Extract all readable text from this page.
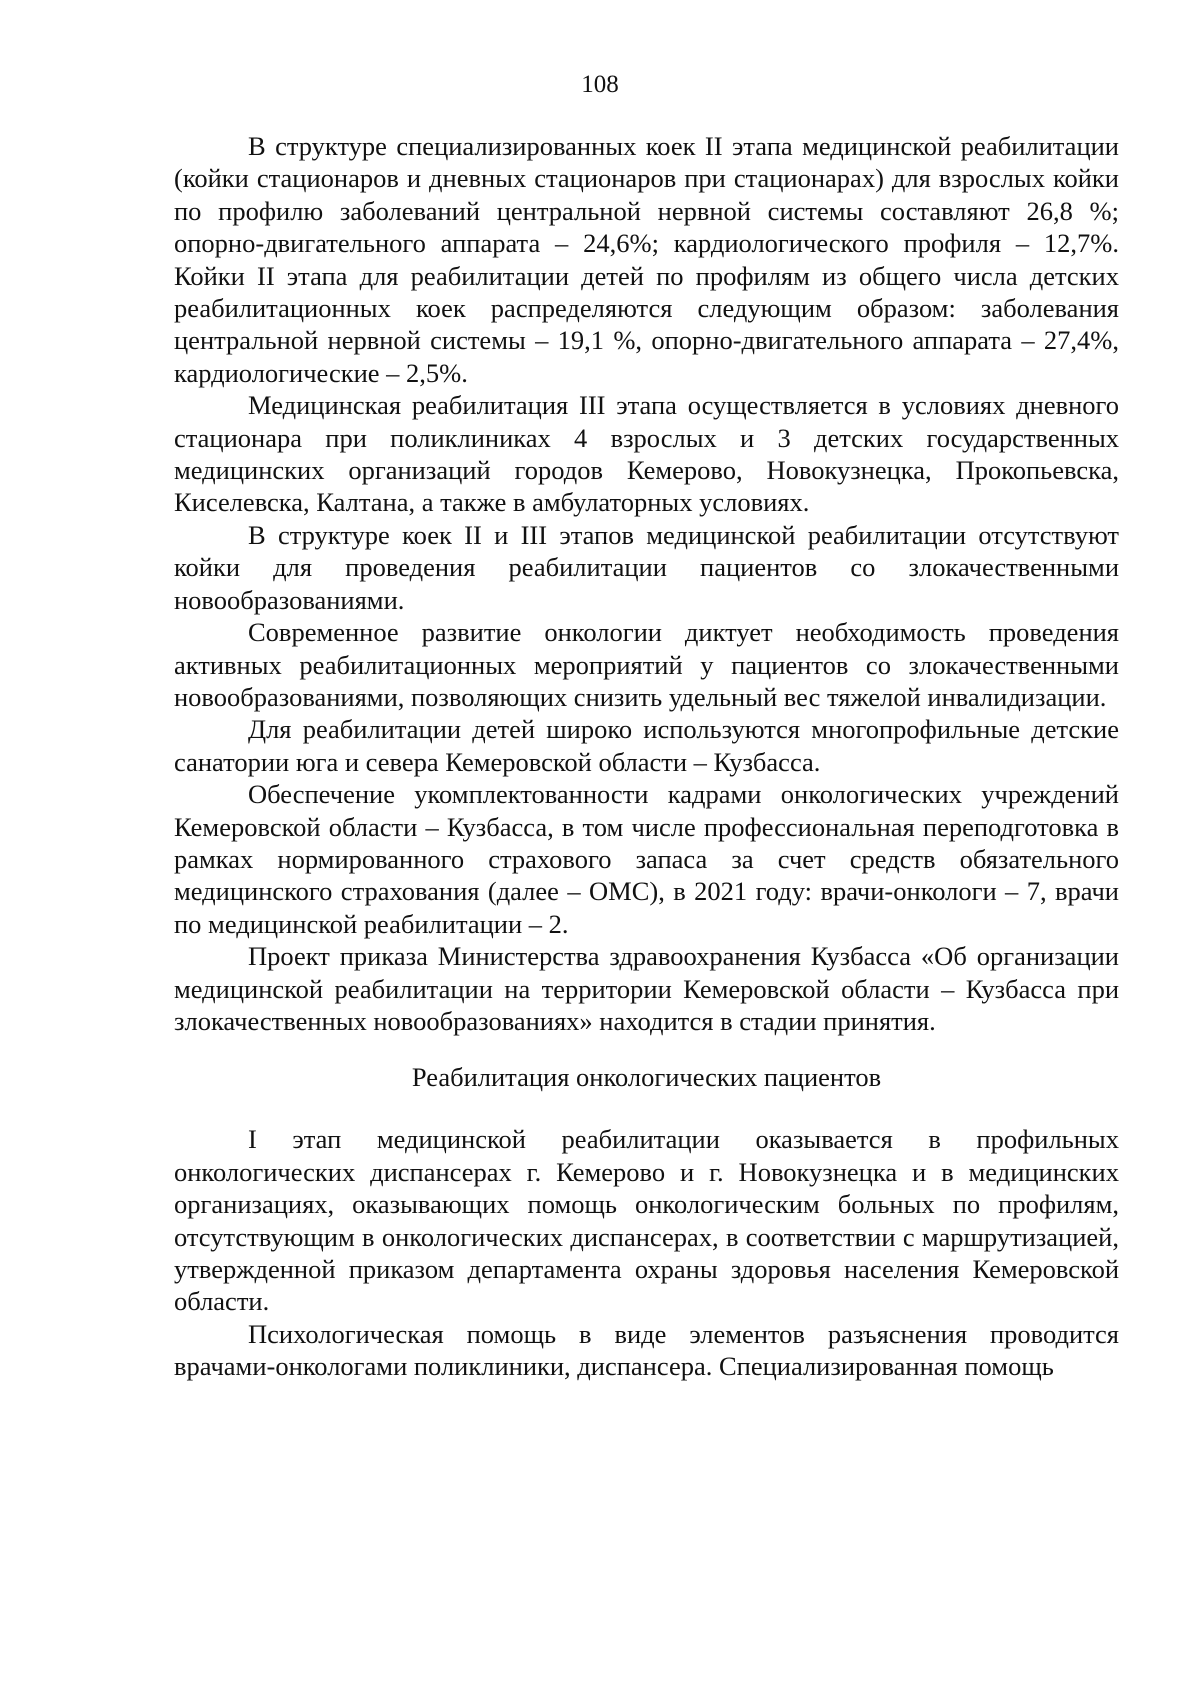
108

В структуре специализированных коек II этапа медицинской реабилитации (койки стационаров и дневных стационаров при стационарах) для взрослых койки по профилю заболеваний центральной нервной системы составляют 26,8 %; опорно-двигательного аппарата – 24,6%; кардиологического профиля – 12,7%. Койки II этапа для реабилитации детей по профилям из общего числа детских реабилитационных коек распределяются следующим образом: заболевания центральной нервной системы – 19,1 %, опорно-двигательного аппарата – 27,4%, кардиологические – 2,5%.

Медицинская реабилитация III этапа осуществляется в условиях дневного стационара при поликлиниках 4 взрослых и 3 детских государственных медицинских организаций городов Кемерово, Новокузнецка, Прокопьевска, Киселевска, Калтана, а также в амбулаторных условиях.

В структуре коек II и III этапов медицинской реабилитации отсутствуют койки для проведения реабилитации пациентов со злокачественными новообразованиями.

Современное развитие онкологии диктует необходимость проведения активных реабилитационных мероприятий у пациентов со злокачественными новообразованиями, позволяющих снизить удельный вес тяжелой инвалидизации.

Для реабилитации детей широко используются многопрофильные детские санатории юга и севера Кемеровской области – Кузбасса.

Обеспечение укомплектованности кадрами онкологических учреждений Кемеровской области – Кузбасса, в том числе профессиональная переподготовка в рамках нормированного страхового запаса за счет средств обязательного медицинского страхования (далее – ОМС), в 2021 году: врачи-онкологи – 7, врачи по медицинской реабилитации – 2.

Проект приказа Министерства здравоохранения Кузбасса «Об организации медицинской реабилитации на территории Кемеровской области – Кузбасса при злокачественных новообразованиях» находится в стадии принятия.

Реабилитация онкологических пациентов

I этап медицинской реабилитации оказывается в профильных онкологических диспансерах г. Кемерово и г. Новокузнецка и в медицинских организациях, оказывающих помощь онкологическим больных по профилям, отсутствующим в онкологических диспансерах, в соответствии с маршрутизацией, утвержденной приказом департамента охраны здоровья населения Кемеровской области.

Психологическая помощь в виде элементов разъяснения проводится врачами-онкологами поликлиники, диспансера. Специализированная помощь
